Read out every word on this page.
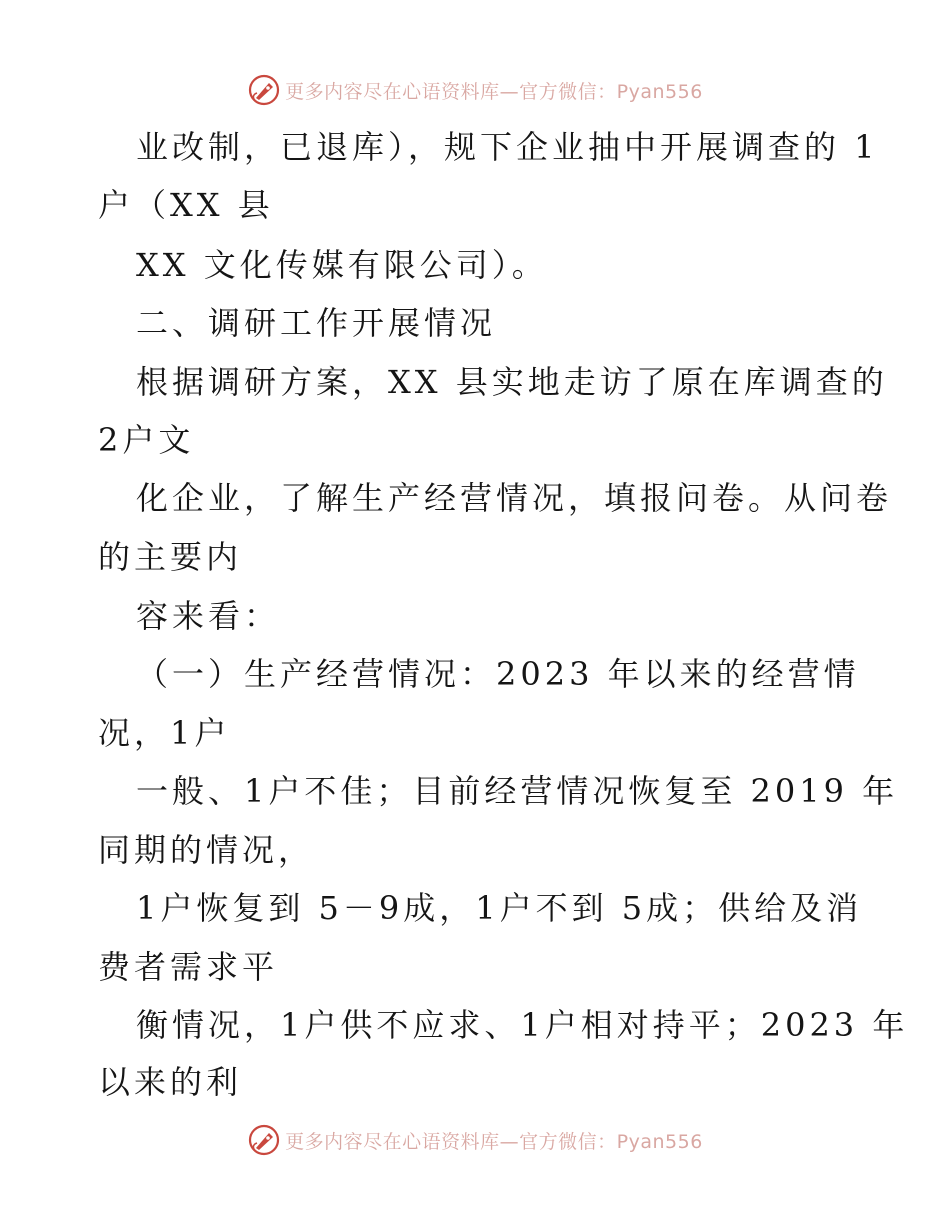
更多内容尽在心语资料库—官方微信：Pyan556
业改制，已退库），规下企业抽中开展调查的 1
户（XX 县
XX 文化传媒有限公司）。
二、调研工作开展情况
根据调研方案，XX 县实地走访了原在库调查的
2户文
化企业，了解生产经营情况，填报问卷。从问卷
的主要内
容来看：
（一）生产经营情况：2023 年以来的经营情
况，1户
一般、1户不佳；目前经营情况恢复至 2019 年
同期的情况，
1户恢复到 5－9成，1户不到 5成；供给及消
费者需求平
衡情况，1户供不应求、1户相对持平；2023 年
以来的利
更多内容尽在心语资料库—官方微信：Pyan556
